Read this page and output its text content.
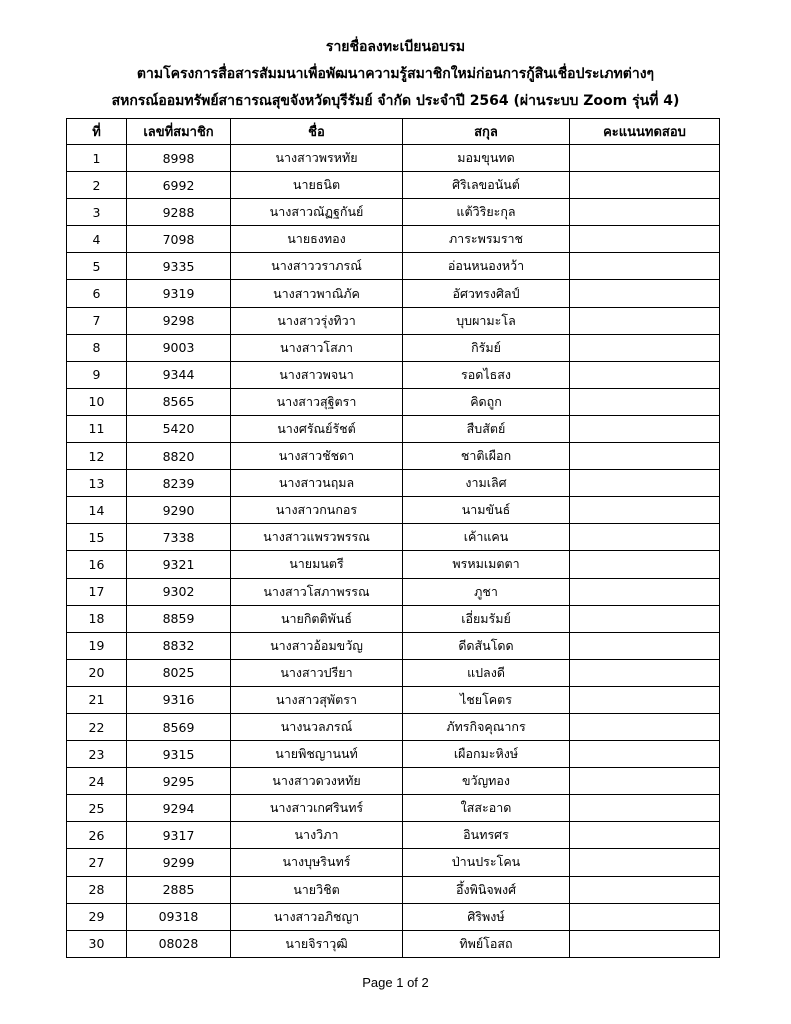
รายชื่อลงทะเบียนอบรม
ตามโครงการสื่อสารสัมมนาเพื่อพัฒนาความรู้สมาชิกใหม่ก่อนการกู้สินเชื่อประเภทต่างๆ
สหกรณ์ออมทรัพย์สาธารณสุขจังหวัดบุรีรัมย์ จำกัด ประจำปี 2564 (ผ่านระบบ Zoom รุ่นที่ 4)
ที่	เลขที่สมาชิก	ชื่อ	สกุล	คะแนนทดสอบ
1	8998	นางสาวพรหทัย	มอมขุนทด	
2	6992	นายธนิต	ศิริเลขอนันต์	
3	9288	นางสาวณัฏฐกันย์	แต้วิริยะกุล	
4	7098	นายธงทอง	ภาระพรมราช	
5	9335	นางสาววราภรณ์	อ่อนหนองหว้า	
6	9319	นางสาวพาณิภัค	อัศวทรงศิลป์	
7	9298	นางสาวรุ่งทิวา	บุบผามะโล	
8	9003	นางสาวโสภา	กิรัมย์	
9	9344	นางสาวพจนา	รอดไธสง	
10	8565	นางสาวสุฐิตรา	คิดถูก	
11	5420	นางศรัณย์รัชต์	สืบสัตย์	
12	8820	นางสาวชัชดา	ชาติเผือก	
13	8239	นางสาวนฤมล	งามเลิศ	
14	9290	นางสาวกนกอร	นามขันธ์	
15	7338	นางสาวแพรวพรรณ	เค้าแคน	
16	9321	นายมนตรี	พรหมเมตตา	
17	9302	นางสาวโสภาพรรณ	ภูชา	
18	8859	นายกิตติพันธ์	เอี่ยมรัมย์	
19	8832	นางสาวอ้อมขวัญ	ดีดสันโดด	
20	8025	นางสาวปรียา	แปลงดี	
21	9316	นางสาวสุพัตรา	ไชยโคตร	
22	8569	นางนวลภรณ์	ภัทรกิจคุณากร	
23	9315	นายพิชญานนท์	เผือกมะหิงษ์	
24	9295	นางสาวดวงหทัย	ขวัญทอง	
25	9294	นางสาวเกศรินทร์	ใสสะอาด	
26	9317	นางวิภา	อินทรศร	
27	9299	นางบุษรินทร์	ป่านประโคน	
28	2885	นายวิชิต	อึ้งพินิจพงศ์	
29	09318	นางสาวอภิชญา	ศิริพงษ์	
30	08028	นายจิราวุฒิ	ทิพย์โอสถ	
Page 1 of 2
